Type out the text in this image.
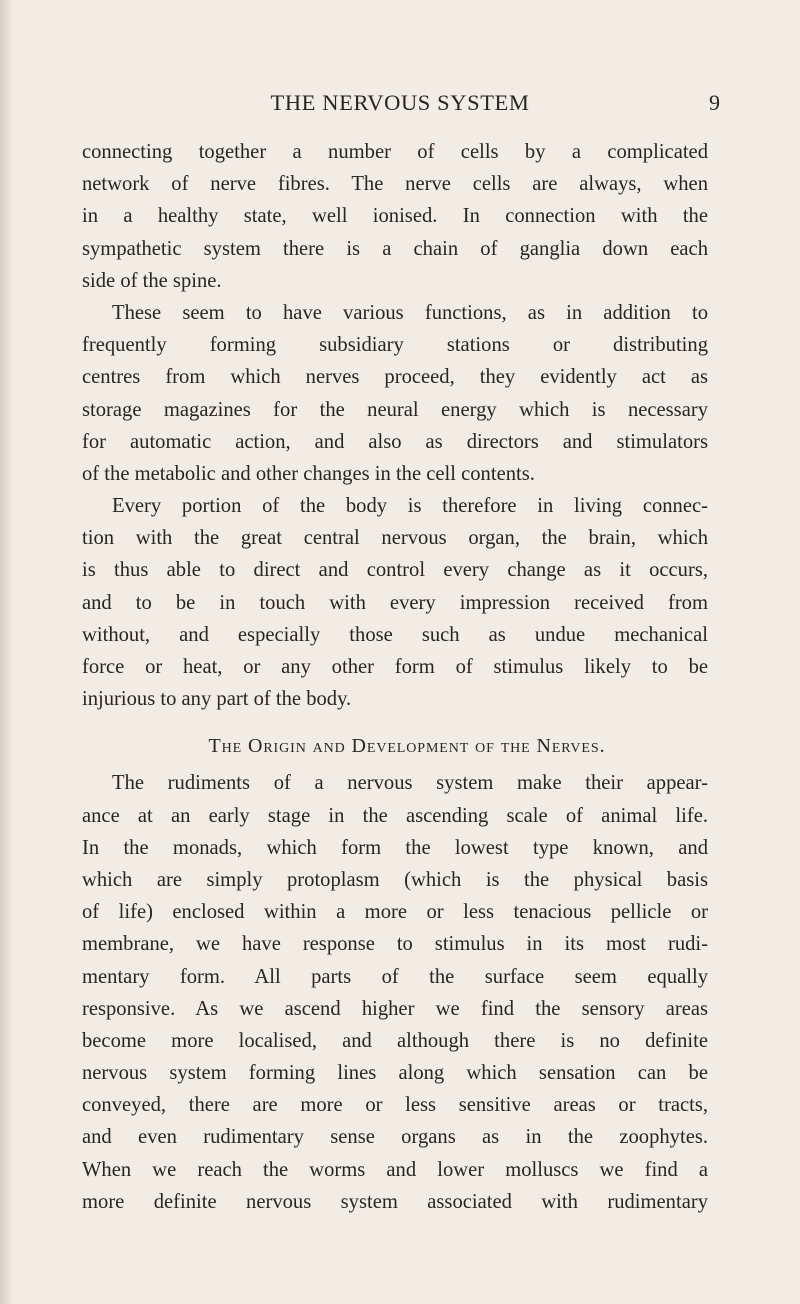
THE NERVOUS SYSTEM	9
connecting together a number of cells by a complicated
network of nerve fibres. The nerve cells are always, when
in a healthy state, well ionised. In connection with the
sympathetic system there is a chain of ganglia down each
side of the spine.
These seem to have various functions, as in addition to
frequently forming subsidiary stations or distributing
centres from which nerves proceed, they evidently act as
storage magazines for the neural energy which is necessary
for automatic action, and also as directors and stimulators
of the metabolic and other changes in the cell contents.
Every portion of the body is therefore in living connec-
tion with the great central nervous organ, the brain, which
is thus able to direct and control every change as it occurs,
and to be in touch with every impression received from
without, and especially those such as undue mechanical
force or heat, or any other form of stimulus likely to be
injurious to any part of the body.
The Origin and Development of the Nerves.
The rudiments of a nervous system make their appear-
ance at an early stage in the ascending scale of animal life.
In the monads, which form the lowest type known, and
which are simply protoplasm (which is the physical basis
of life) enclosed within a more or less tenacious pellicle or
membrane, we have response to stimulus in its most rudi-
mentary form. All parts of the surface seem equally
responsive. As we ascend higher we find the sensory areas
become more localised, and although there is no definite
nervous system forming lines along which sensation can be
conveyed, there are more or less sensitive areas or tracts,
and even rudimentary sense organs as in the zoophytes.
When we reach the worms and lower molluscs we find a
more definite nervous system associated with rudimentary
